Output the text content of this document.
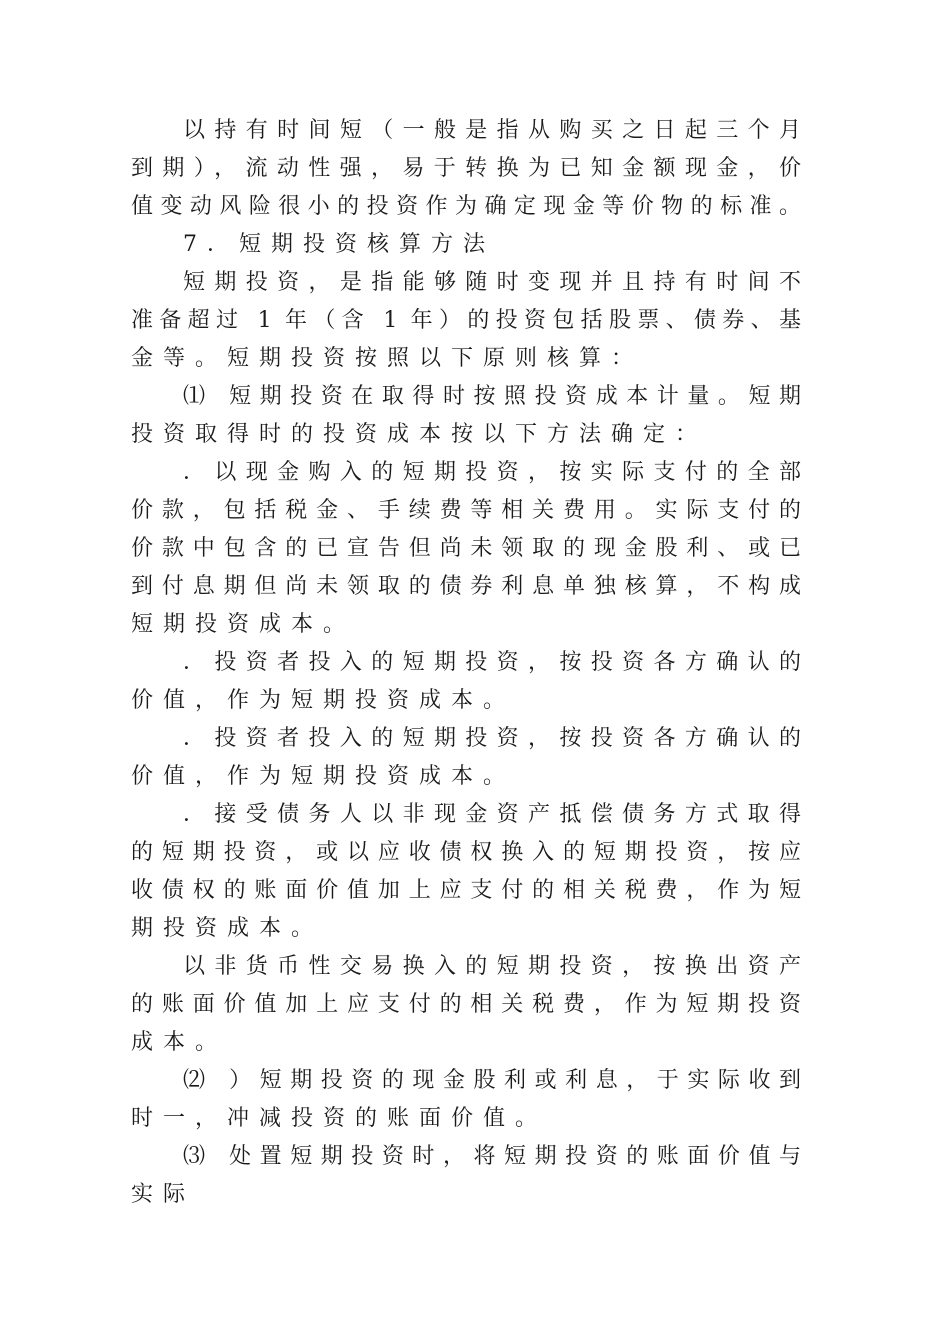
以持有时间短（一般是指从购买之日起三个月
到期），流动性强，易于转换为已知金额现金，价
值变动风险很小的投资作为确定现金等价物的标准。
7．短期投资核算方法
短期投资，是指能够随时变现并且持有时间不
准备超过 1 年（含 1 年）的投资包括股票、债券、基
金等。短期投资按照以下原则核算：
⑴ 短期投资在取得时按照投资成本计量。短期
投资取得时的投资成本按以下方法确定：
．以现金购入的短期投资，按实际支付的全部
价款，包括税金、手续费等相关费用。实际支付的
价款中包含的已宣告但尚未领取的现金股利、或已
到付息期但尚未领取的债券利息单独核算，不构成
短期投资成本。
．投资者投入的短期投资，按投资各方确认的
价值，作为短期投资成本。
．投资者投入的短期投资，按投资各方确认的
价值，作为短期投资成本。
．接受债务人以非现金资产抵偿债务方式取得
的短期投资，或以应收债权换入的短期投资，按应
收债权的账面价值加上应支付的相关税费，作为短
期投资成本。
以非货币性交易换入的短期投资，按换出资产
的账面价值加上应支付的相关税费，作为短期投资
成本。
⑵ ）短期投资的现金股利或利息，于实际收到
时一，冲减投资的账面价值。
⑶ 处置短期投资时，将短期投资的账面价值与
实际
